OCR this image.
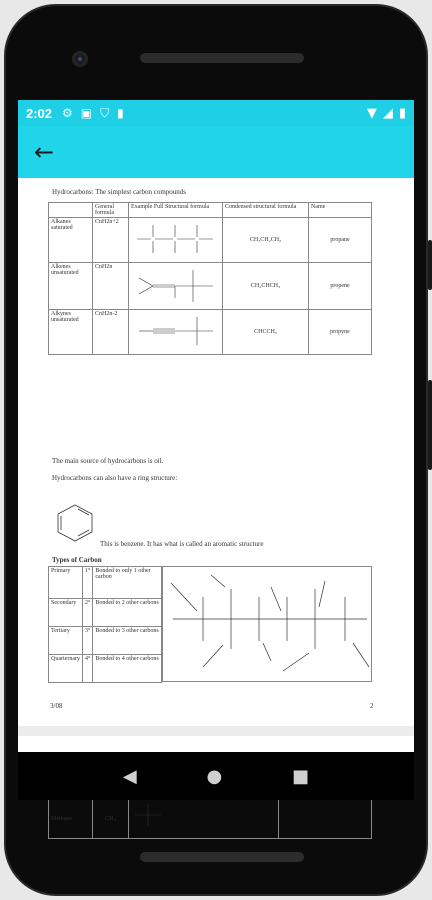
2:02 ⚙ ▣ ⛉ ▮	▼ ◢ ▮
←
Hydrocarbons: The simplest carbon compounds
	General formula	Example Full Structural formula	Condensed structural formula	Name
Alkanes saturated	CnH2n+2		CH₃CH₂CH₃	propane
Alkenes unsaturated	CnH2n		CH₂CHCH₃	propene
Alkynes unsaturated	CnH2n-2		CHCCH₃	propyne
The main source of hydrocarbons is oil.
Hydrocarbons can also have a ring structure:
This is benzene. It has what is called an aromatic structure
Types of Carbon
Primary	1°	Bonded to only 1 other carbon
Secondary	2°	Bonded to 2 other carbons
Tertiary	3°	Bonded to 3 other carbons
Quarternary	4°	Bonded to 4 other carbons
3/08	2

Methane	CH₄		
◀	●	■
